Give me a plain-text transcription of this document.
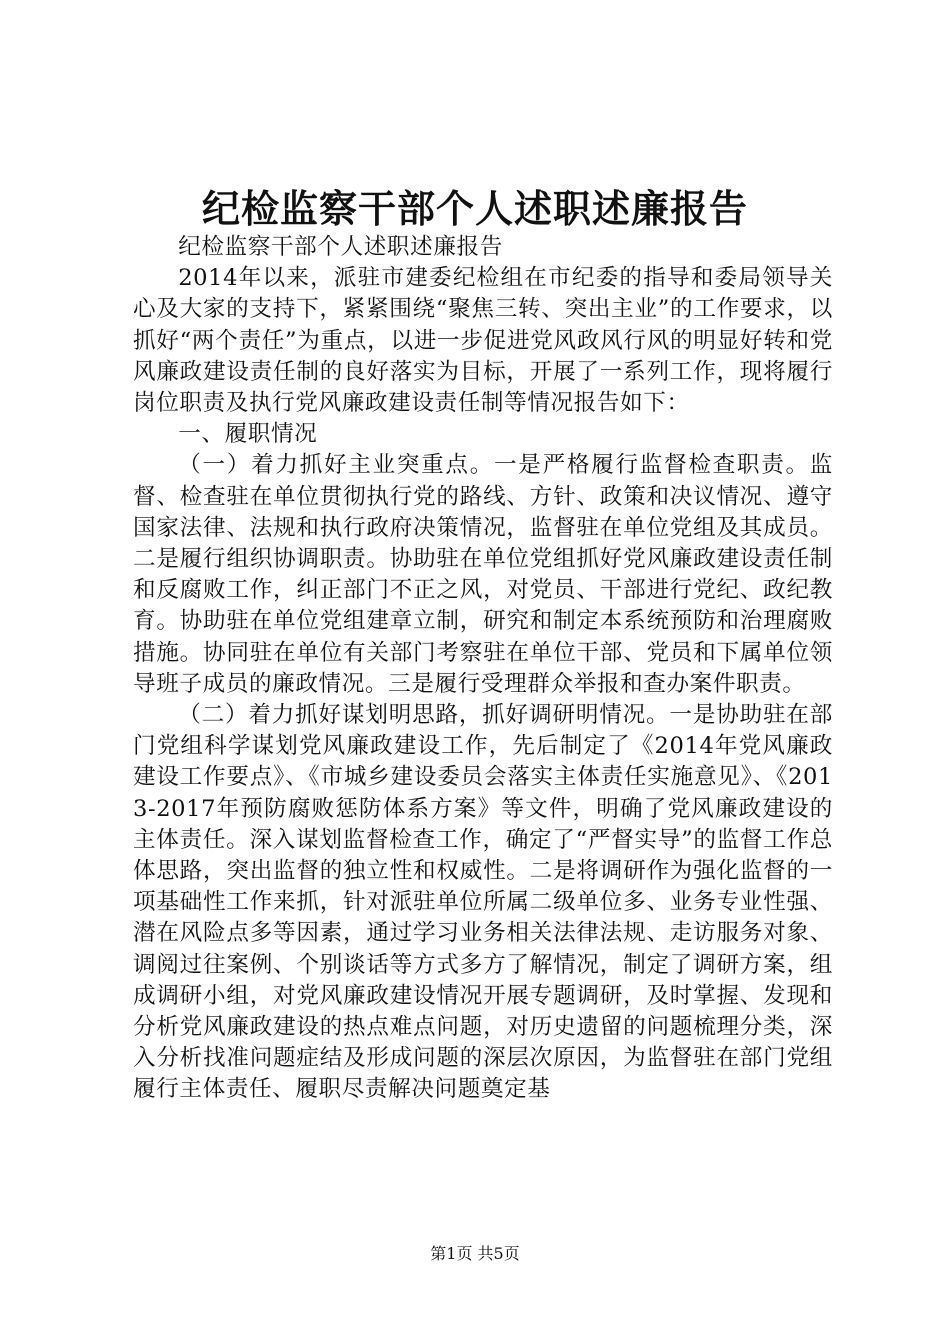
纪检监察干部个人述职述廉报告

纪检监察干部个人述职述廉报告

2014年以来，派驻市建委纪检组在市纪委的指导和委局领导关心及大家的支持下，紧紧围绕“聚焦三转、突出主业”的工作要求，以抓好“两个责任”为重点，以进一步促进党风政风行风的明显好转和党风廉政建设责任制的良好落实为目标，开展了一系列工作，现将履行岗位职责及执行党风廉政建设责任制等情况报告如下：

一、履职情况

（一）着力抓好主业突重点。一是严格履行监督检查职责。监督、检查驻在单位贯彻执行党的路线、方针、政策和决议情况、遵守国家法律、法规和执行政府决策情况，监督驻在单位党组及其成员。二是履行组织协调职责。协助驻在单位党组抓好党风廉政建设责任制和反腐败工作，纠正部门不正之风，对党员、干部进行党纪、政纪教育。协助驻在单位党组建章立制，研究和制定本系统预防和治理腐败措施。协同驻在单位有关部门考察驻在单位干部、党员和下属单位领导班子成员的廉政情况。三是履行受理群众举报和查办案件职责。

（二）着力抓好谋划明思路，抓好调研明情况。一是协助驻在部门党组科学谋划党风廉政建设工作，先后制定了《2014年党风廉政建设工作要点》、《市城乡建设委员会落实主体责任实施意见》、《2013-2017年预防腐败惩防体系方案》等文件，明确了党风廉政建设的主体责任。深入谋划监督检查工作，确定了“严督实导”的监督工作总体思路，突出监督的独立性和权威性。二是将调研作为强化监督的一项基础性工作来抓，针对派驻单位所属二级单位多、业务专业性强、潜在风险点多等因素，通过学习业务相关法律法规、走访服务对象、调阅过往案例、个别谈话等方式多方了解情况，制定了调研方案，组成调研小组，对党风廉政建设情况开展专题调研，及时掌握、发现和分析党风廉政建设的热点难点问题，对历史遗留的问题梳理分类，深入分析找准问题症结及形成问题的深层次原因，为监督驻在部门党组履行主体责任、履职尽责解决问题奠定基

第1页 共5页
